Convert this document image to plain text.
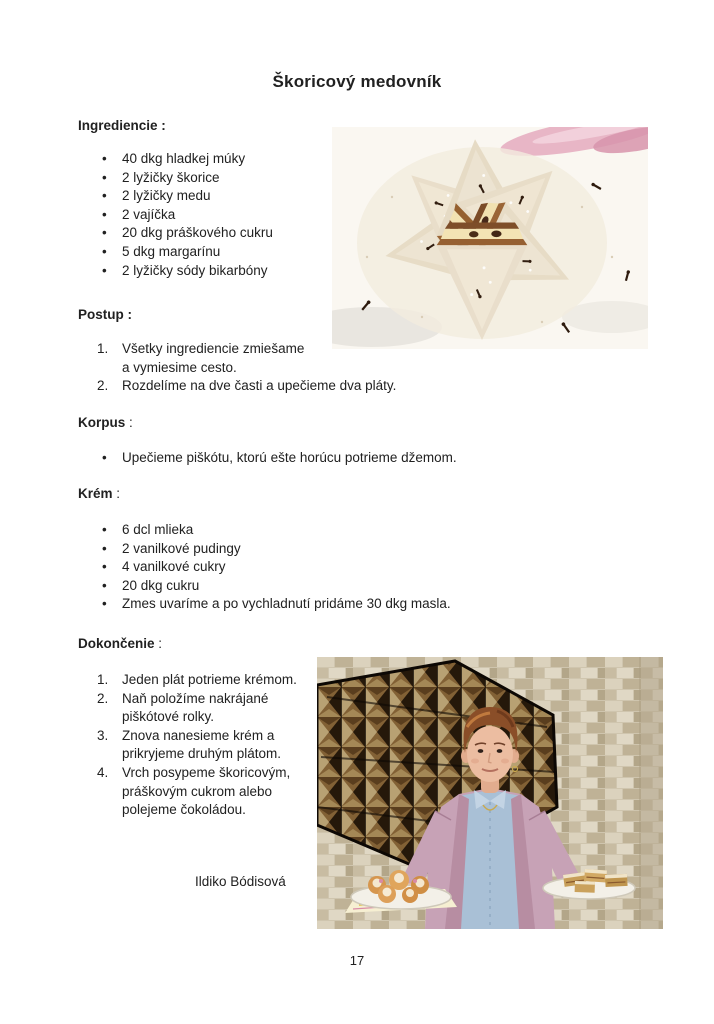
Škoricový medovník
Ingrediencie :
•	40 dkg hladkej múky
•	2 lyžičky škorice
•	2 lyžičky medu
•	2 vajíčka
•	20 dkg práškového cukru
•	5 dkg margarínu
•	2 lyžičky sódy bikarbóny
Postup :
1.	Všetky ingrediencie zmiešame
a vymiesime cesto.
2.	Rozdelíme na dve časti a upečieme dva pláty.
Korpus :
•	Upečieme piškótu, ktorú ešte horúcu potrieme džemom.
Krém :
•	6 dcl mlieka
•	2 vanilkové pudingy
•	4 vanilkové cukry
•	20 dkg cukru
•	Zmes uvaríme a po vychladnutí pridáme 30 dkg masla.
Dokončenie :
1.	Jeden plát potrieme krémom.
2.	Naň položíme nakrájané
piškótové rolky.
3.	Znova nanesieme krém a
prikryjeme druhým plátom.
4.	Vrch posypeme škoricovým,
práškovým cukrom alebo
polejeme čokoládou.
Ildiko Bódisová
17
